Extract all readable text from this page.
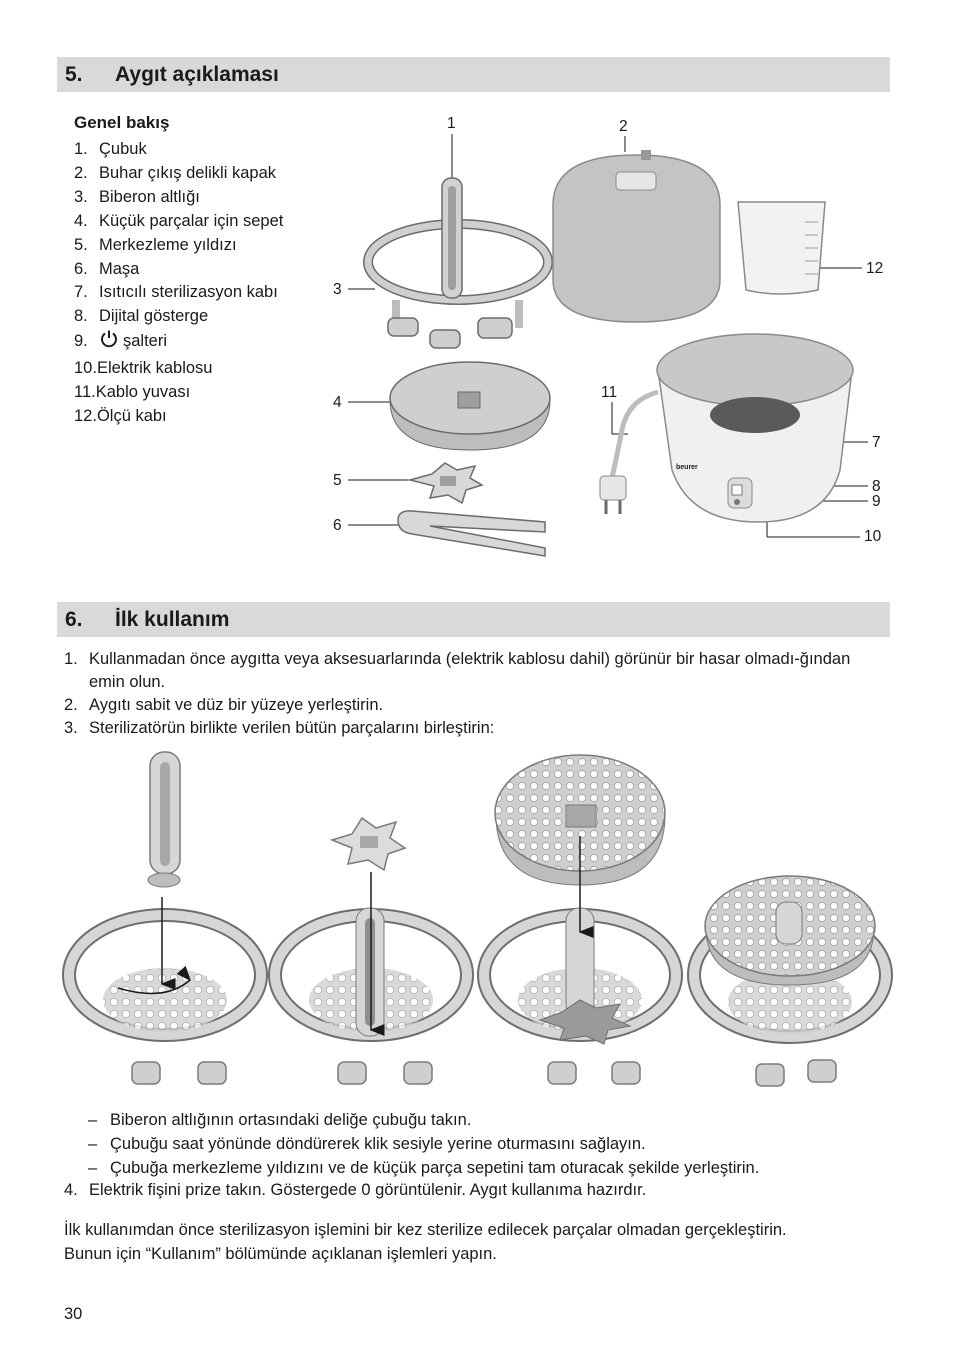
5. Aygıt açıklaması
Genel bakış
1. Çubuk
2. Buhar çıkış delikli kapak
3. Biberon altlığı
4. Küçük parçalar için sepet
5. Merkezleme yıldızı
6. Maşa
7. Isıtıcılı sterilizasyon kabı
8. Dijital gösterge
9. şalteri
10.Elektrik kablosu
11.Kablo yuvası
12.Ölçü kabı
beurer
1	2
3
4
5
6
7
8
9
10
11
12
6. İlk kullanım
1. Kullanmadan önce aygıtta veya aksesuarlarında (elektrik kablosu dahil) görünür bir hasar olmadı-ğından emin olun.
2. Aygıtı sabit ve düz bir yüzeye yerleştirin.
3. Sterilizatörün birlikte verilen bütün parçalarını birleştirin:
– Biberon altlığının ortasındaki deliğe çubuğu takın.
– Çubuğu saat yönünde döndürerek klik sesiyle yerine oturmasını sağlayın.
– Çubuğa merkezleme yıldızını ve de küçük parça sepetini tam oturacak şekilde yerleştirin.
4. Elektrik fişini prize takın. Göstergede 0 görüntülenir. Aygıt kullanıma hazırdır.
İlk kullanımdan önce sterilizasyon işlemini bir kez sterilize edilecek parçalar olmadan gerçekleştirin.
Bunun için “Kullanım” bölümünde açıklanan işlemleri yapın.
30
